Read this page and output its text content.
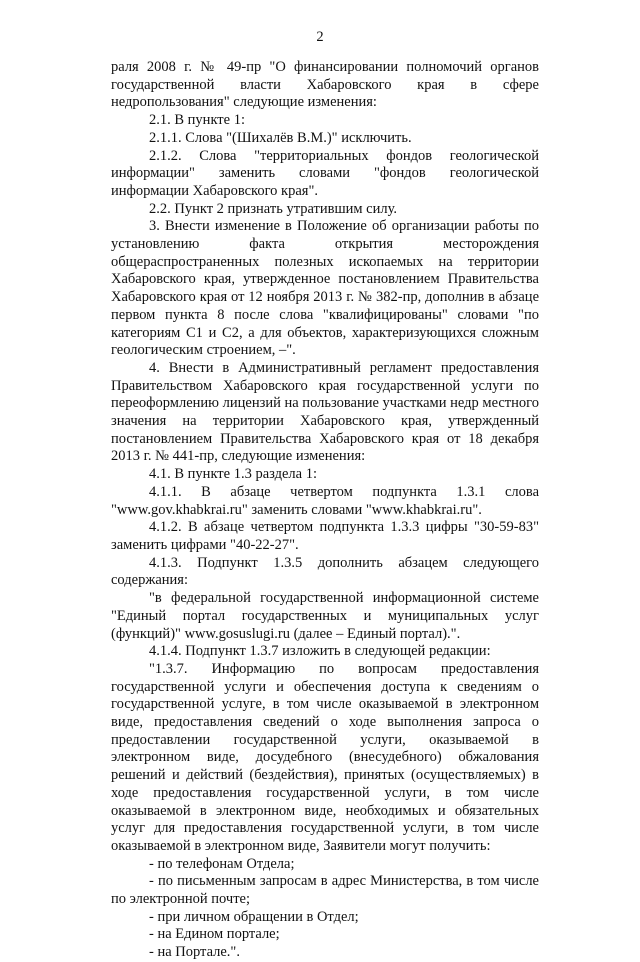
2

раля 2008 г. № 49-пр "О финансировании полномочий органов государственной власти Хабаровского края в сфере недропользования" следующие изменения:

2.1. В пункте 1:

2.1.1. Слова "(Шихалёв В.М.)" исключить.

2.1.2. Слова "территориальных фондов геологической информации" заменить словами "фондов геологической информации Хабаровского края".

2.2. Пункт 2 признать утратившим силу.

3. Внести изменение в Положение об организации работы по установлению факта открытия месторождения общераспространенных полезных ископаемых на территории Хабаровского края, утвержденное постановлением Правительства Хабаровского края от 12 ноября 2013 г. № 382-пр, дополнив в абзаце первом пункта 8 после слова "квалифицированы" словами "по категориям С1 и С2, а для объектов, характеризующихся сложным геологическим строением, –".

4. Внести в Административный регламент предоставления Правительством Хабаровского края государственной услуги по переоформлению лицензий на пользование участками недр местного значения на территории Хабаровского края, утвержденный постановлением Правительства Хабаровского края от 18 декабря 2013 г. № 441-пр, следующие изменения:

4.1. В пункте 1.3 раздела 1:

4.1.1. В абзаце четвертом подпункта 1.3.1 слова "www.gov.khabkrai.ru" заменить словами "www.khabkrai.ru".

4.1.2. В абзаце четвертом подпункта 1.3.3 цифры "30-59-83" заменить цифрами "40-22-27".

4.1.3. Подпункт 1.3.5 дополнить абзацем следующего содержания:

"в федеральной государственной информационной системе "Единый портал государственных и муниципальных услуг (функций)" www.gosuslugi.ru (далее – Единый портал).".

4.1.4. Подпункт 1.3.7 изложить в следующей редакции:

"1.3.7. Информацию по вопросам предоставления государственной услуги и обеспечения доступа к сведениям о государственной услуге, в том числе оказываемой в электронном виде, предоставления сведений о ходе выполнения запроса о предоставлении государственной услуги, оказываемой в электронном виде, досудебного (внесудебного) обжалования решений и действий (бездействия), принятых (осуществляемых) в ходе предоставления государственной услуги, в том числе оказываемой в электронном виде, необходимых и обязательных услуг для предоставления государственной услуги, в том числе оказываемой в электронном виде, Заявители могут получить:

- по телефонам Отдела;

- по письменным запросам в адрес Министерства, в том числе по электронной почте;

- при личном обращении в Отдел;

- на Едином портале;

- на Портале.".
